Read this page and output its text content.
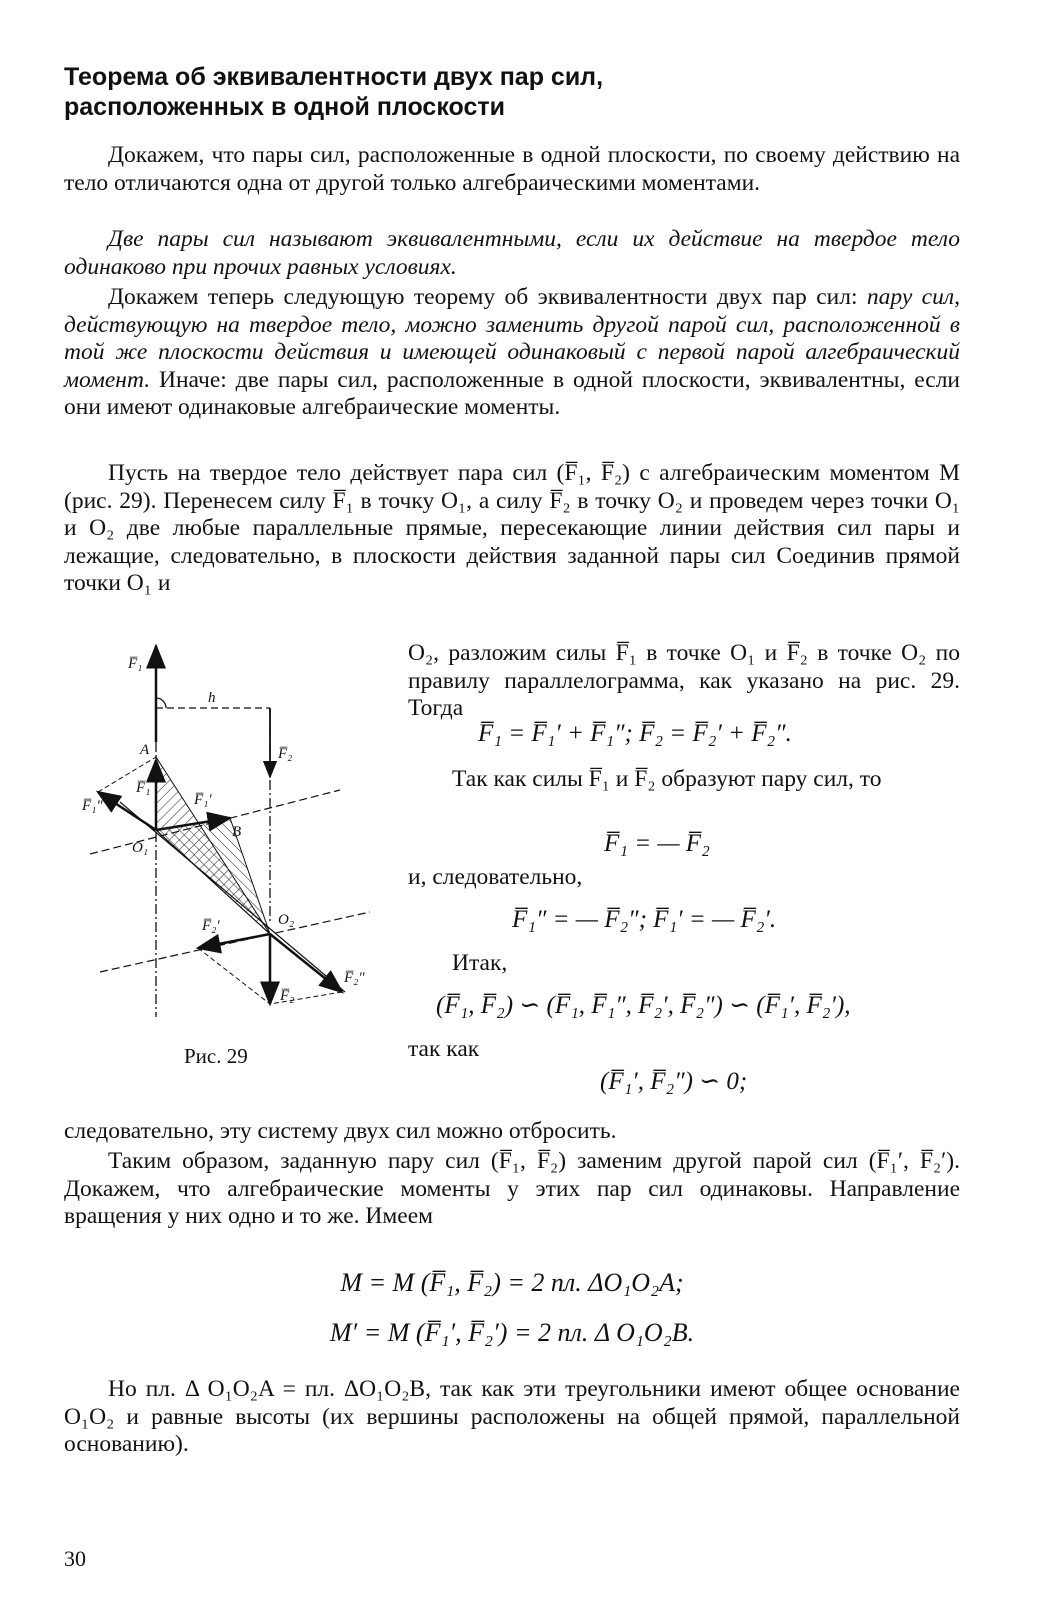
Теорема об эквивалентности двух пар сил, расположенных в одной плоскости

Докажем, что пары сил, расположенные в одной плоскости, по своему действию на тело отличаются одна от другой только алгебраическими моментами.

Две пары сил называют эквивалентными, если их действие на твердое тело одинаково при прочих равных условиях.

Докажем теперь следующую теорему об эквивалентности двух пар сил: пару сил, действующую на твердое тело, можно заменить другой парой сил, расположенной в той же плоскости действия и имеющей одинаковый с первой парой алгебраический момент. Иначе: две пары сил, расположенные в одной плоскости, эквивалентны, если они имеют одинаковые алгебраические моменты.

Пусть на твердое тело действует пара сил (F̅₁, F̅₂) с алгебраическим моментом M (рис. 29). Перенесем силу F̅₁ в точку O₁, а силу F̅₂ в точку O₂ и проведем через точки O₁ и O₂ две любые параллельные прямые, пересекающие линии действия сил пары и лежащие, следовательно, в плоскости действия заданной пары сил Соединив прямой точки O₁ и

F̅₁
h
F̅₂
A
F̅₁
F̅₁″	F̅₁′
B
O₁
O₂
F̅₂′
F̅₂
F̅₂″
Рис. 29

O₂, разложим силы F̅₁ в точке O₁ и F̅₂ в точке O₂ по правилу параллелограмма, как указано на рис. 29. Тогда

F̅₁ = F̅₁′ + F̅₁″; F̅₂ = F̅₂′ + F̅₂″.

Так как силы F̅₁ и F̅₂ образуют пару сил, то

F̅₁ = — F̅₂

и, следовательно,

F̅₁″ = — F̅₂″; F̅₁′ = — F̅₂′.

Итак,

(F̅₁, F̅₂) ∽ (F̅₁, F̅₁″, F̅₂′, F̅₂″) ∽ (F̅₁′, F̅₂′),

так как

(F̅₁′, F̅₂″) ∽ 0;

следовательно, эту систему двух сил можно отбросить.

Таким образом, заданную пару сил (F̅₁, F̅₂) заменим другой парой сил (F̅₁′, F̅₂′). Докажем, что алгебраические моменты у этих пар сил одинаковы. Направление вращения у них одно и то же. Имеем

M = M (F̅₁, F̅₂) = 2 пл. ΔO₁O₂A;
M′ = M (F̅₁′, F̅₂′) = 2 пл. Δ O₁O₂B.

Но пл. Δ O₁O₂A = пл. ΔO₁O₂B, так как эти треугольники имеют общее основание O₁O₂ и равные высоты (их вершины расположены на общей прямой, параллельной основанию).

30
